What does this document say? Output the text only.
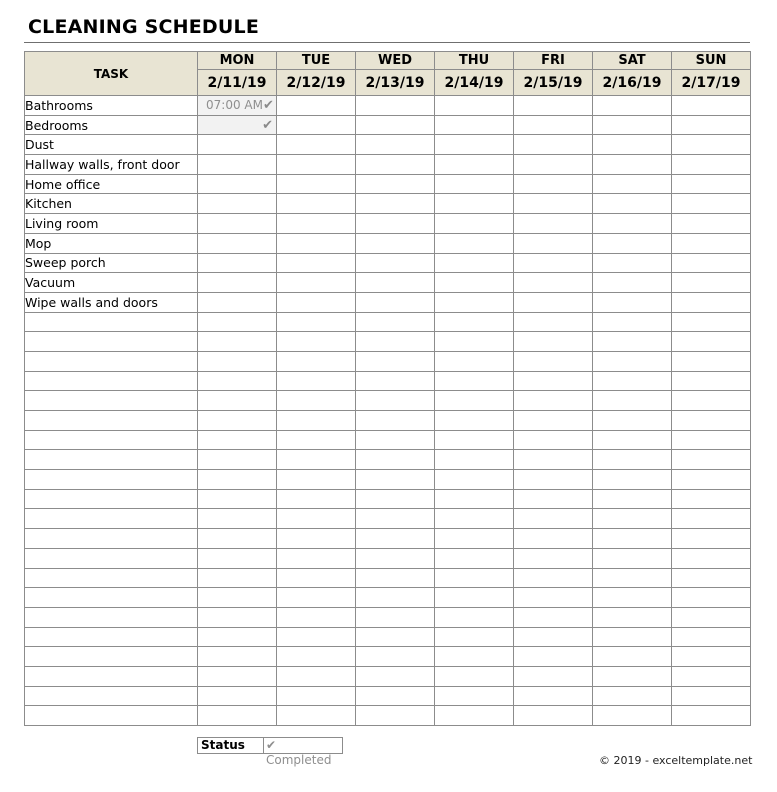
CLEANING SCHEDULE
TASK	MON	TUE	WED	THU	FRI	SAT	SUN
	2/11/19	2/12/19	2/13/19	2/14/19	2/15/19	2/16/19	2/17/19
Bathrooms	07:00 AM ✔						

Bedrooms	✔						

Dust							
Hallway walls, front door							
Home office							
Kitchen							
Living room							
Mop							
Sweep porch							
Vacuum							
Wipe walls and doors							

Status	✔ Completed	© 2019 - exceltemplate.net
